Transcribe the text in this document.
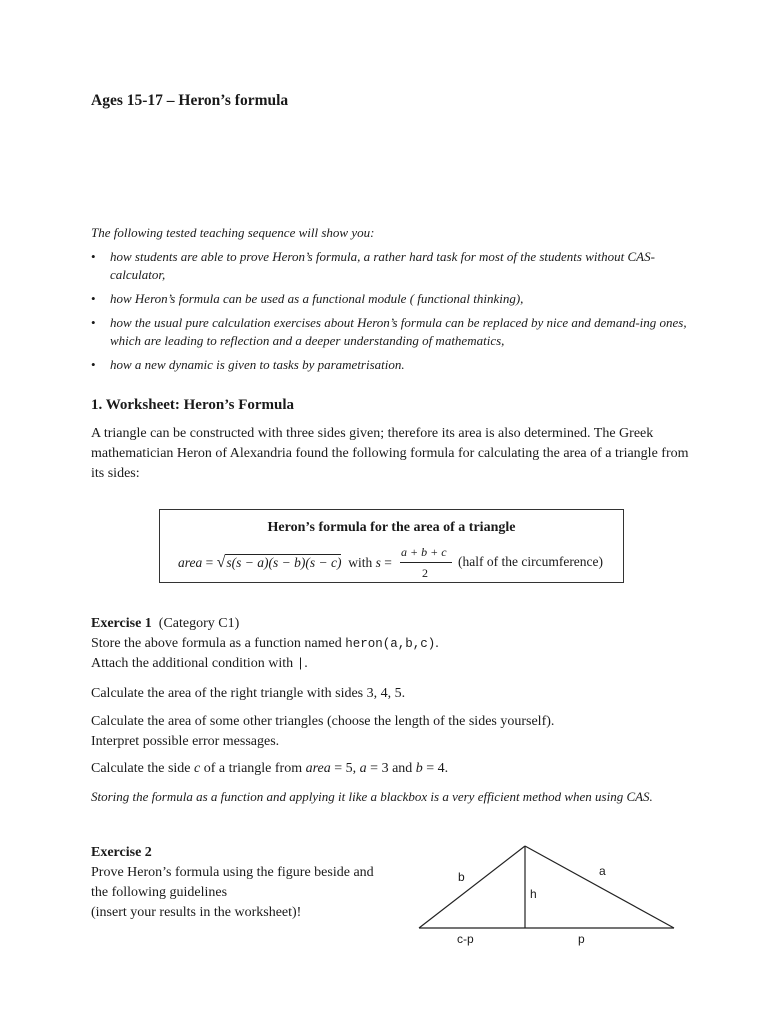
Ages 15-17 – Heron’s formula
The following tested teaching sequence will show you:
• how students are able to prove Heron’s formula, a rather hard task for most of the students without CAS-calculator,
• how Heron’s formula can be used as a functional module ( functional thinking),
• how the usual pure calculation exercises about Heron’s formula can be replaced by nice and demand-ing ones, which are leading to reflection and a deeper understanding of mathematics,
• how a new dynamic is given to tasks by parametrisation.
1. Worksheet: Heron’s Formula
A triangle can be constructed with three sides given; therefore its area is also determined. The Greek mathematician Heron of Alexandria found the following formula for calculating the area of a triangle from its sides:
Heron’s formula for the area of a triangle
area = √s(s − a)(s − b)(s − c) with s =
a + b + c
2
(half of the circumference)
Exercise 1 (Category C1)
Store the above formula as a function named heron(a,b,c).
Attach the additional condition with |.
Calculate the area of the right triangle with sides 3, 4, 5.
Calculate the area of some other triangles (choose the length of the sides yourself).
Interpret possible error messages.
Calculate the side c of a triangle from area = 5, a = 3 and b = 4.
Storing the formula as a function and applying it like a blackbox is a very efficient method when using CAS.
Exercise 2
Prove Heron’s formula using the figure beside and
the following guidelines
(insert your results in the worksheet)!
b	a
h
c-p	p
